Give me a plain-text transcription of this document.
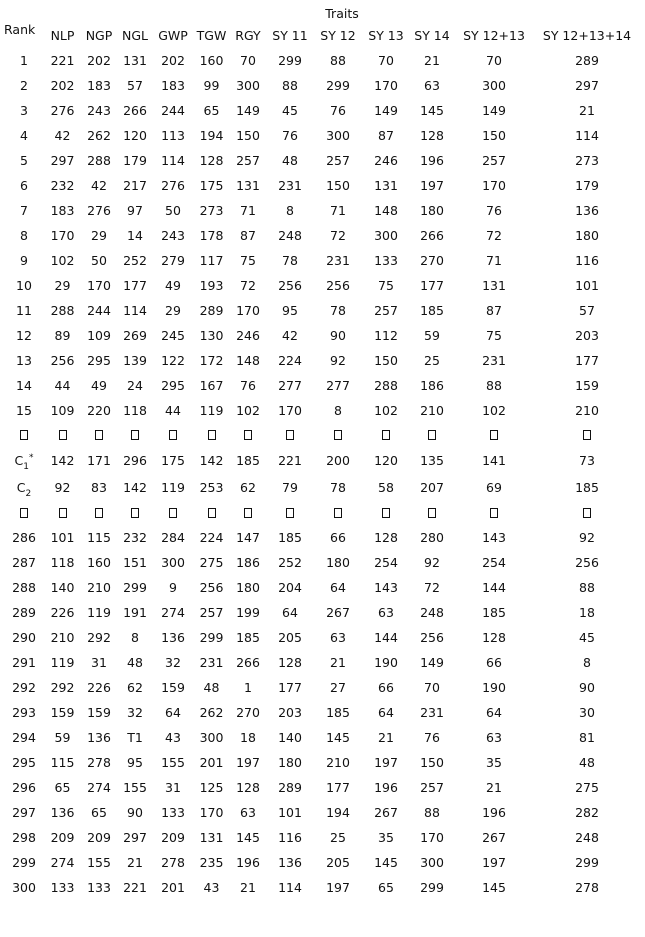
Rank	Traits											
	NLP	NGP	NGL	GWP	TGW	RGY	SY 11	SY 12	SY 13	SY 14	SY 12+13	SY 12+13+14
1	221	202	131	202	160	70	299	88	70	21	70	289
2	202	183	57	183	99	300	88	299	170	63	300	297
3	276	243	266	244	65	149	45	76	149	145	149	21
4	42	262	120	113	194	150	76	300	87	128	150	114
5	297	288	179	114	128	257	48	257	246	196	257	273
6	232	42	217	276	175	131	231	150	131	197	170	179
7	183	276	97	50	273	71	8	71	148	180	76	136
8	170	29	14	243	178	87	248	72	300	266	72	180
9	102	50	252	279	117	75	78	231	133	270	71	116
10	29	170	177	49	193	72	256	256	75	177	131	101
11	288	244	114	29	289	170	95	78	257	185	87	57
12	89	109	269	245	130	246	42	90	112	59	75	203
13	256	295	139	122	172	148	224	92	150	25	231	177
14	44	49	24	295	167	76	277	277	288	186	88	159
15	109	220	118	44	119	102	170	8	102	210	102	210

$C_1^*$	142	171	296	175	142	185	221	200	120	135	141	73
$C_2$	92	83	142	119	253	62	79	78	58	207	69	185

286	101	115	232	284	224	147	185	66	128	280	143	92
287	118	160	151	300	275	186	252	180	254	92	254	256
288	140	210	299	9	256	180	204	64	143	72	144	88
289	226	119	191	274	257	199	64	267	63	248	185	18
290	210	292	8	136	299	185	205	63	144	256	128	45
291	119	31	48	32	231	266	128	21	190	149	66	8
292	292	226	62	159	48	1	177	27	66	70	190	90
293	159	159	32	64	262	270	203	185	64	231	64	30
294	59	136	T1	43	300	18	140	145	21	76	63	81
295	115	278	95	155	201	197	180	210	197	150	35	48
296	65	274	155	31	125	128	289	177	196	257	21	275
297	136	65	90	133	170	63	101	194	267	88	196	282
298	209	209	297	209	131	145	116	25	35	170	267	248
299	274	155	21	278	235	196	136	205	145	300	197	299
300	133	133	221	201	43	21	114	197	65	299	145	278
